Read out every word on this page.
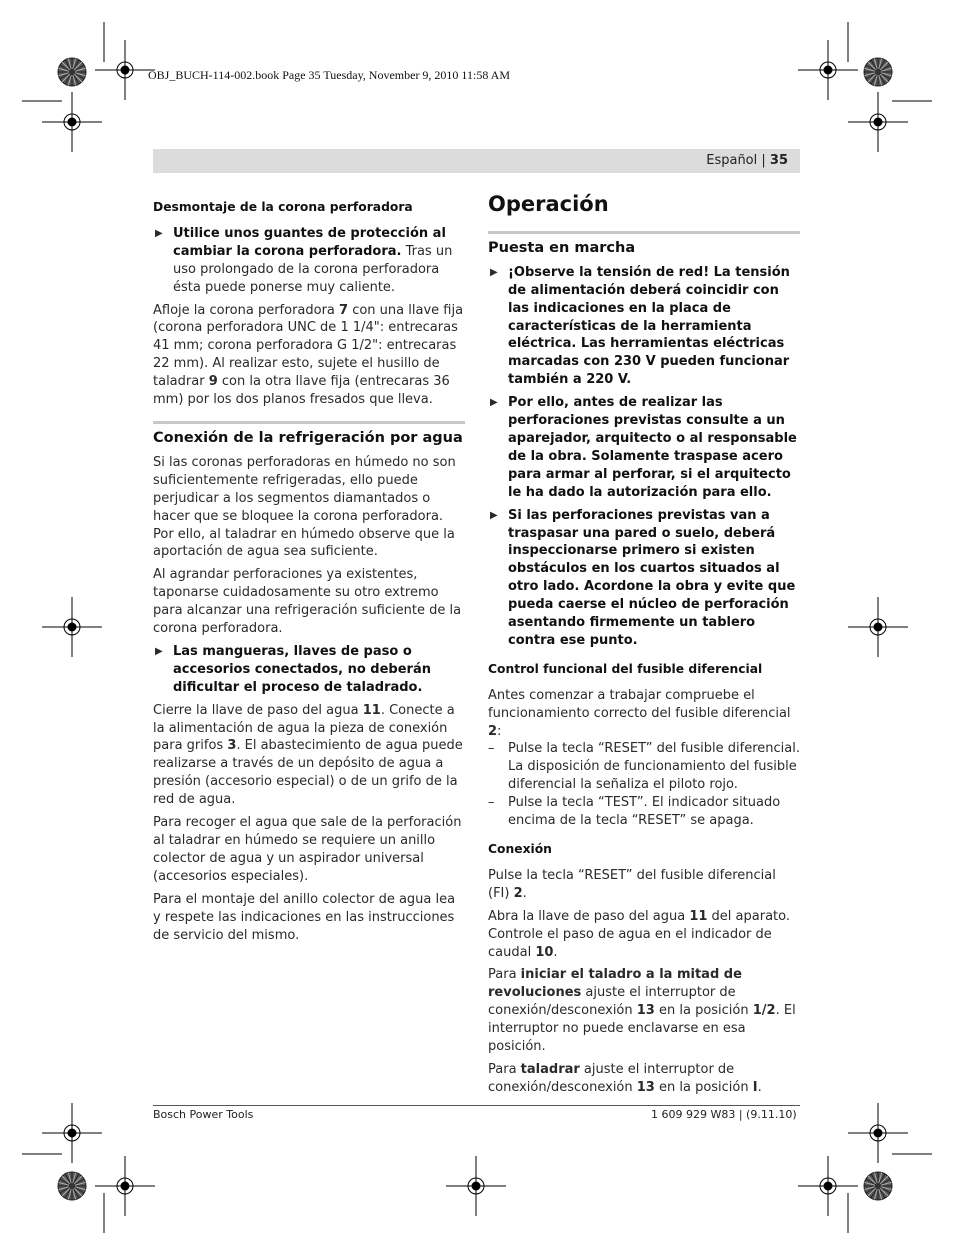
OBJ_BUCH-114-002.book Page 35 Tuesday, November 9, 2010 11:58 AM
Español | 35
Desmontaje de la corona perforadora
▶ Utilice unos guantes de protección al cambiar la corona perforadora. Tras un uso prolongado de la corona perforadora ésta puede ponerse muy caliente.

Afloje la corona perforadora 7 con una llave fija (corona perforadora UNC de 1 1/4": entrecaras 41 mm; corona perforadora G 1/2": entrecaras 22 mm). Al realizar esto, sujete el husillo de taladrar 9 con la otra llave fija (entrecaras 36 mm) por los dos planos fresados que lleva.

Conexión de la refrigeración por agua

Si las coronas perforadoras en húmedo no son suficientemente refrigeradas, ello puede perjudicar a los segmentos diamantados o hacer que se bloquee la corona perforadora. Por ello, al taladrar en húmedo observe que la aportación de agua sea suficiente.

Al agrandar perforaciones ya existentes, taponarse cuidadosamente su otro extremo para alcanzar una refrigeración suficiente de la corona perforadora.

▶ Las mangueras, llaves de paso o accesorios conectados, no deberán dificultar el proceso de taladrado.

Cierre la llave de paso del agua 11. Conecte a la alimentación de agua la pieza de conexión para grifos 3. El abastecimiento de agua puede realizarse a través de un depósito de agua a presión (accesorio especial) o de un grifo de la red de agua.

Para recoger el agua que sale de la perforación al taladrar en húmedo se requiere un anillo colector de agua y un aspirador universal (accesorios especiales).

Para el montaje del anillo colector de agua lea y respete las indicaciones en las instrucciones de servicio del mismo.

Operación
Puesta en marcha
▶ ¡Observe la tensión de red! La tensión de alimentación deberá coincidir con las indicaciones en la placa de características de la herramienta eléctrica. Las herramientas eléctricas marcadas con 230 V pueden funcionar también a 220 V.
▶ Por ello, antes de realizar las perforaciones previstas consulte a un aparejador, arquitecto o al responsable de la obra. Solamente traspase acero para armar al perforar, si el arquitecto le ha dado la autorización para ello.
▶ Si las perforaciones previstas van a traspasar una pared o suelo, deberá inspeccionarse primero si existen obstáculos en los cuartos situados al otro lado. Acordone la obra y evite que pueda caerse el núcleo de perforación asentando firmemente un tablero contra ese punto.
Control funcional del fusible diferencial

Antes comenzar a trabajar compruebe el funcionamiento correcto del fusible diferencial 2:

– Pulse la tecla “RESET” del fusible diferencial. La disposición de funcionamiento del fusible diferencial la señaliza el piloto rojo.
– Pulse la tecla “TEST”. El indicador situado encima de la tecla “RESET” se apaga.
Conexión

Pulse la tecla “RESET” del fusible diferencial (FI) 2.

Abra la llave de paso del agua 11 del aparato. Controle el paso de agua en el indicador de caudal 10.

Para iniciar el taladro a la mitad de revoluciones ajuste el interruptor de conexión/desconexión 13 en la posición 1/2. El interruptor no puede enclavarse en esa posición.

Para taladrar ajuste el interruptor de conexión/desconexión 13 en la posición I.

Bosch Power Tools	1 609 929 W83 | (9.11.10)
